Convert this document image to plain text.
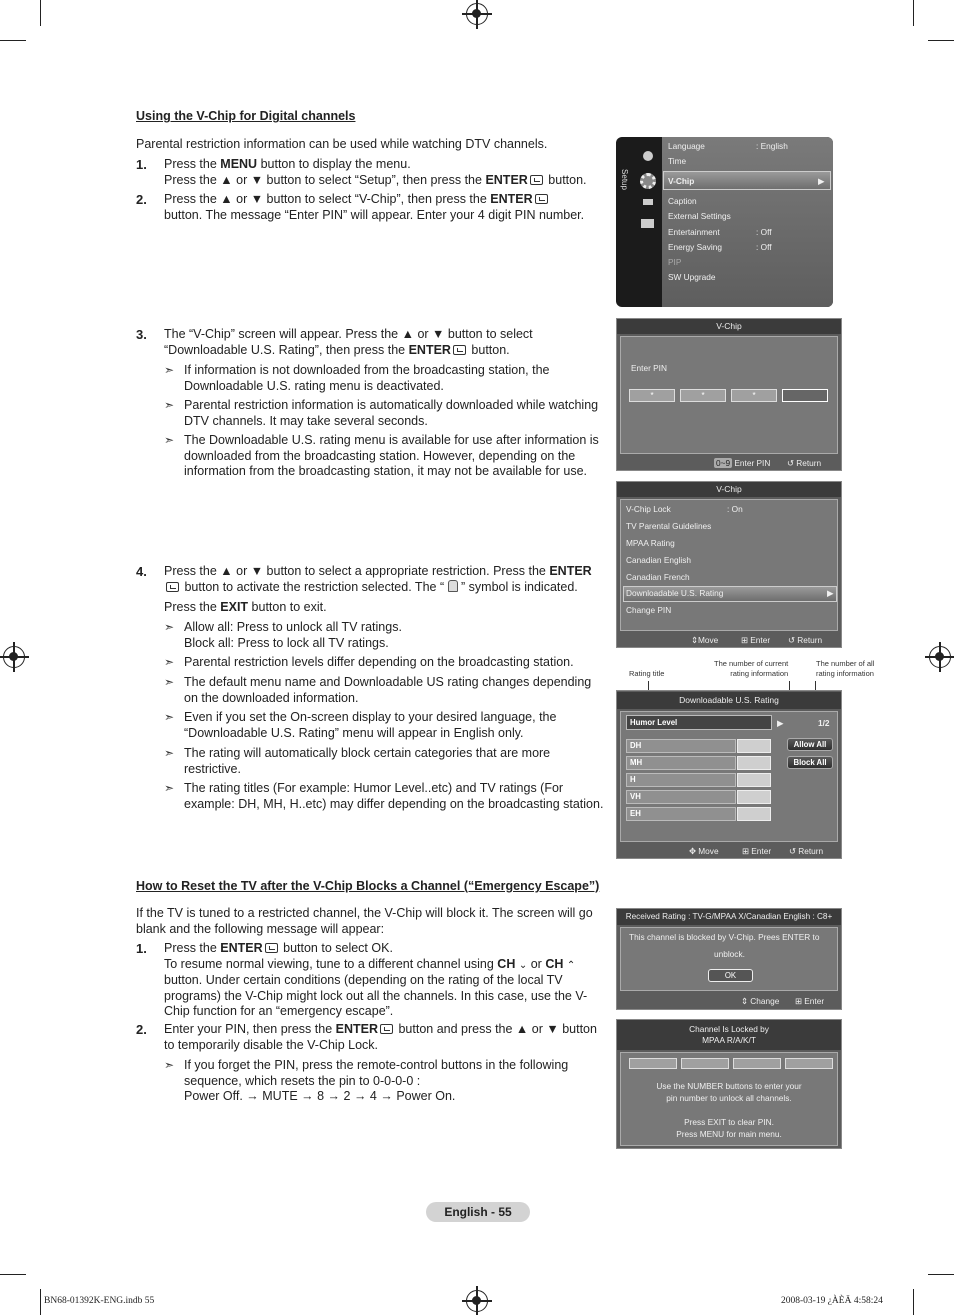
Using the V-Chip for Digital channels
Parental restriction information can be used while watching DTV channels.
1. Press the MENU button to display the menu.
Press the ▲ or ▼ button to select “Setup”, then press the ENTER button.
2. Press the ▲ or ▼ button to select “V-Chip”, then press the ENTER
button. The message “Enter PIN” will appear. Enter your 4 digit PIN number.
3. The “V-Chip” screen will appear. Press the ▲ or ▼ button to select
“Downloadable U.S. Rating”, then press the ENTER button.
➣ If information is not downloaded from the broadcasting station, the Downloadable U.S. rating menu is deactivated.
➣ Parental restriction information is automatically downloaded while watching DTV channels. It may take several seconds.
➣ The Downloadable U.S. rating menu is available for use after information is downloaded from the broadcasting station. However, depending on the information from the broadcasting station, it may not be available for use.
4. Press the ▲ or ▼ button to select a appropriate restriction. Press the ENTER
button to activate the restriction selected. The “  ” symbol is indicated.
Press the EXIT button to exit.
➣ Allow all: Press to unlock all TV ratings.
Block all: Press to lock all TV ratings.
➣ Parental restriction levels differ depending on the broadcasting station.
➣ The default menu name and Downloadable US rating changes depending on the downloaded information.
➣ Even if you set the On-screen display to your desired language, the “Downloadable U.S. Rating” menu will appear in English only.
➣ The rating will automatically block certain categories that are more restrictive.
➣ The rating titles (For example: Humor Level..etc) and TV ratings (For example: DH, MH, H..etc) may differ depending on the broadcasting station.
How to Reset the TV after the V-Chip Blocks a Channel (“Emergency Escape”)
If the TV is tuned to a restricted channel, the V-Chip will block it. The screen will go blank and the following message will appear:
1. Press the ENTER button to select OK.
To resume normal viewing, tune to a different channel using CH ⌄ or CH ⌃ button. Under certain conditions (depending on the rating of the local TV programs) the V-Chip might lock out all the channels. In this case, use the V-Chip function for an “emergency escape”.
2. Enter your PIN, then press the ENTER button and press the ▲ or ▼ button to temporarily disable the V-Chip Lock.
➣ If you forget the PIN, press the remote-control buttons in the following sequence, which resets the pin to 0-0-0-0 :
Power Off. → MUTE → 8 → 2 → 4 → Power On.
Setup
Language	: English
Time
V-Chip	▶
Caption
External Settings
Entertainment	: Off
Energy Saving	: Off
PIP
SW Upgrade
V-Chip
Enter PIN
*	*	*
0~9 Enter PIN ↺ Return
V-Chip
V-Chip Lock	: On
TV Parental Guidelines
MPAA Rating
Canadian English
Canadian French
Downloadable U.S. Rating	▶
Change PIN
⇕Move	⊞ Enter ↺ Return
Rating title
The number of current
rating information
The number of all
rating information
Downloadable U.S. Rating
Humor Level	▶	1/2
DH
MH
H
VH
EH
Allow All
Block All
✥ Move	⊞ Enter ↺ Return
Received Rating : TV-G/MPAA X/Canadian English : C8+
This channel is blocked by V-Chip. Prees ENTER to
unblock.
OK
⇕ Change ⊞ Enter
Channel Is Locked by
MPAA R/A/K/T
Use the NUMBER buttons to enter your
pin number to unlock all channels.
Press EXIT to clear PIN.
Press MENU for main menu.
English - 55
BN68-01392K-ENG.indb 55	2008-03-19 ¿ÀÈÄ 4:58:24
